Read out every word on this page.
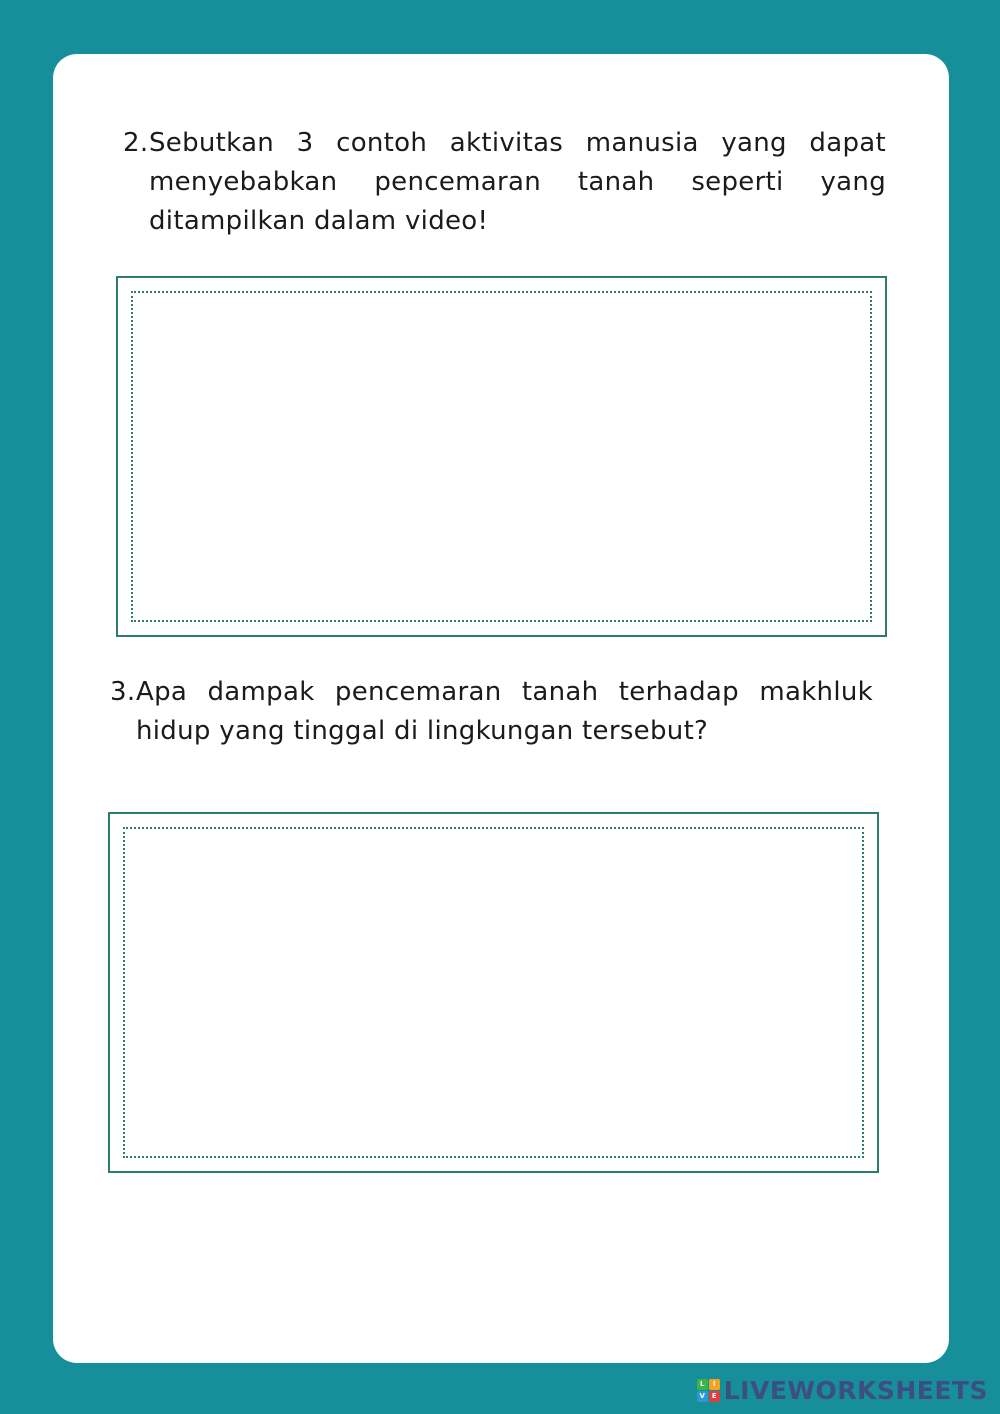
2. Sebutkan 3 contoh aktivitas manusia yang dapat menyebabkan pencemaran tanah seperti yang ditampilkan dalam video!

3. Apa dampak pencemaran tanah terhadap makhluk hidup yang tinggal di lingkungan tersebut?

L	I
V E LIVEWORKSHEETS
